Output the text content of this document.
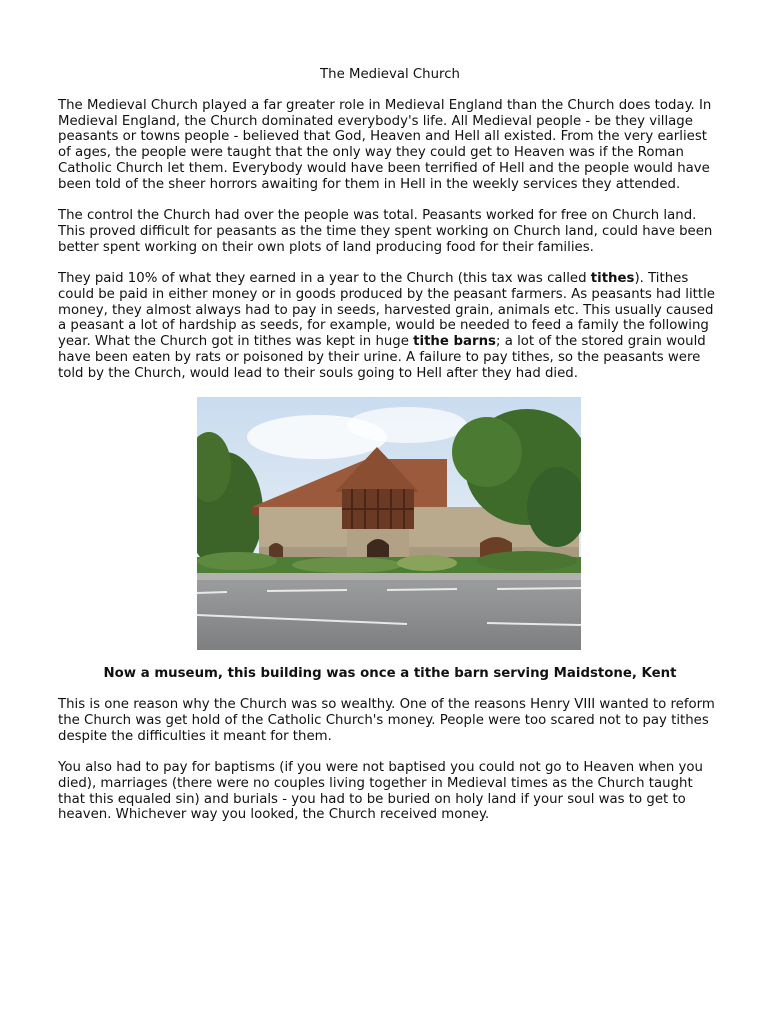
The Medieval Church

The Medieval Church played a far greater role in Medieval England than the Church does today. In Medieval England, the Church dominated everybody's life. All Medieval people - be they village peasants or towns people - believed that God, Heaven and Hell all existed. From the very earliest of ages, the people were taught that the only way they could get to Heaven was if the Roman Catholic Church let them. Everybody would have been terrified of Hell and the people would have been told of the sheer horrors awaiting for them in Hell in the weekly services they attended.

The control the Church had over the people was total. Peasants worked for free on Church land. This proved difficult for peasants as the time they spent working on Church land, could have been better spent working on their own plots of land producing food for their families.

They paid 10% of what they earned in a year to the Church (this tax was called tithes). Tithes could be paid in either money or in goods produced by the peasant farmers. As peasants had little money, they almost always had to pay in seeds, harvested grain, animals etc. This usually caused a peasant a lot of hardship as seeds, for example, would be needed to feed a family the following year. What the Church got in tithes was kept in huge tithe barns; a lot of the stored grain would have been eaten by rats or poisoned by their urine. A failure to pay tithes, so the peasants were told by the Church, would lead to their souls going to Hell after they had died.

Now a museum, this building was once a tithe barn serving Maidstone, Kent

This is one reason why the Church was so wealthy. One of the reasons Henry VIII wanted to reform the Church was get hold of the Catholic Church's money. People were too scared not to pay tithes despite the difficulties it meant for them.

You also had to pay for baptisms (if you were not baptised you could not go to Heaven when you died), marriages (there were no couples living together in Medieval times as the Church taught that this equaled sin) and burials - you had to be buried on holy land if your soul was to get to heaven. Whichever way you looked, the Church received money.
